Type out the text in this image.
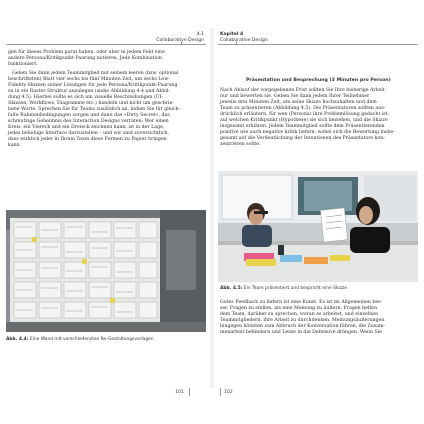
4.1
Collaborative Design
gen für dieses Problem parat haben, oder aber in jedem Feld eine
andere Persona/Kritikpunkt-Paarung notieren. Jede Kombination
funktioniert.
Geben Sie dann jedem Teammitglied mit seinem leeren (bzw. optional
beschrifteten) Blatt vier sechs bis fünf Minuten Zeit, um sechs Low-
Fidelity-Skizzen seiner Lösungen für jede Persona/Kritikpunkt-Paarung
zu in ein Raster-Struktur anzulegen (siehe Abbildung 4.4 und Abbil-
dung 4.5). Hierbei sollte es sich um visuelle Beschreibungen (UI-
Skizzen, Workflows, Diagramme etc.) handeln und nicht um geschrie-
bene Worte. Sprechen Sie für Teams zusätzlich an, indem Sie für gleich-
falte Rahmenbedingungen sorgen und dann das »Dirty Secret«, das
schmutzige Geheimnis des Interaction Designs verraten: Wer einen
Kreis, ein Viereck und ein Dreieck zeichnen kann, ist in der Lage,
jedes beliebige Interface darzustellen – und wir sind zuversichtlich,
dass wirklich jeder in Ihrem Team diese Formen zu Papier bringen
kann.
Abb. 4.4: Eine Wand mit verschiedensten Re-Gestaltungsvorlagen
101
Kapitel 4
Collaborative Design
Präsentation und Besprechung (3 Minuten pro Person)
Nach Ablauf der vorgegebenen Frist sollten Sie Ihre bisherige Arbeit
nur und bewerten sie. Geben Sie dann jedem Ihrer Teilnehmer
jeweils drei Minuten Zeit, um seine Skizze hochzuhalten und dem
Team zu präsentieren (Abbildung 4.5). Die Präsentatoren sollten aus-
drücklich erläutern, für wen (Persona) ihre Problemlösung gedacht ist,
auf welchen Kritikpunkt (Hypothese) sie sich beziehen, und die Skizze
insgesamt erklären. Jedem Teammitglied sollte dem Präsentierenden
positive wie auch negative kritik liefern, wobei sich die Bewertung insbe-
gesamt auf die Verdeutlichung der Intentionen des Präsentators kon-
zentrieren sollte.
Abb. 4.5: Ein Team präsentiert und bespricht eine Skizze
Gutes Feedback zu liefern ist eine Kunst. Es ist im Allgemeinen bes-
ser, Fragen zu stellen, als eine Meinung zu äußern. Fragen helfen
dem Team, darüber zu sprechen, woran es arbeitet, und einzelnen
Teammitgliedern, ihre Arbeit zu durchdenken. Meinungsäußerungen
hingegen könnten zum Abbruch der Konversation führen, die Zusam-
menarbeit behindern und Leute in die Defensive drängen. Wenn Sie
102
